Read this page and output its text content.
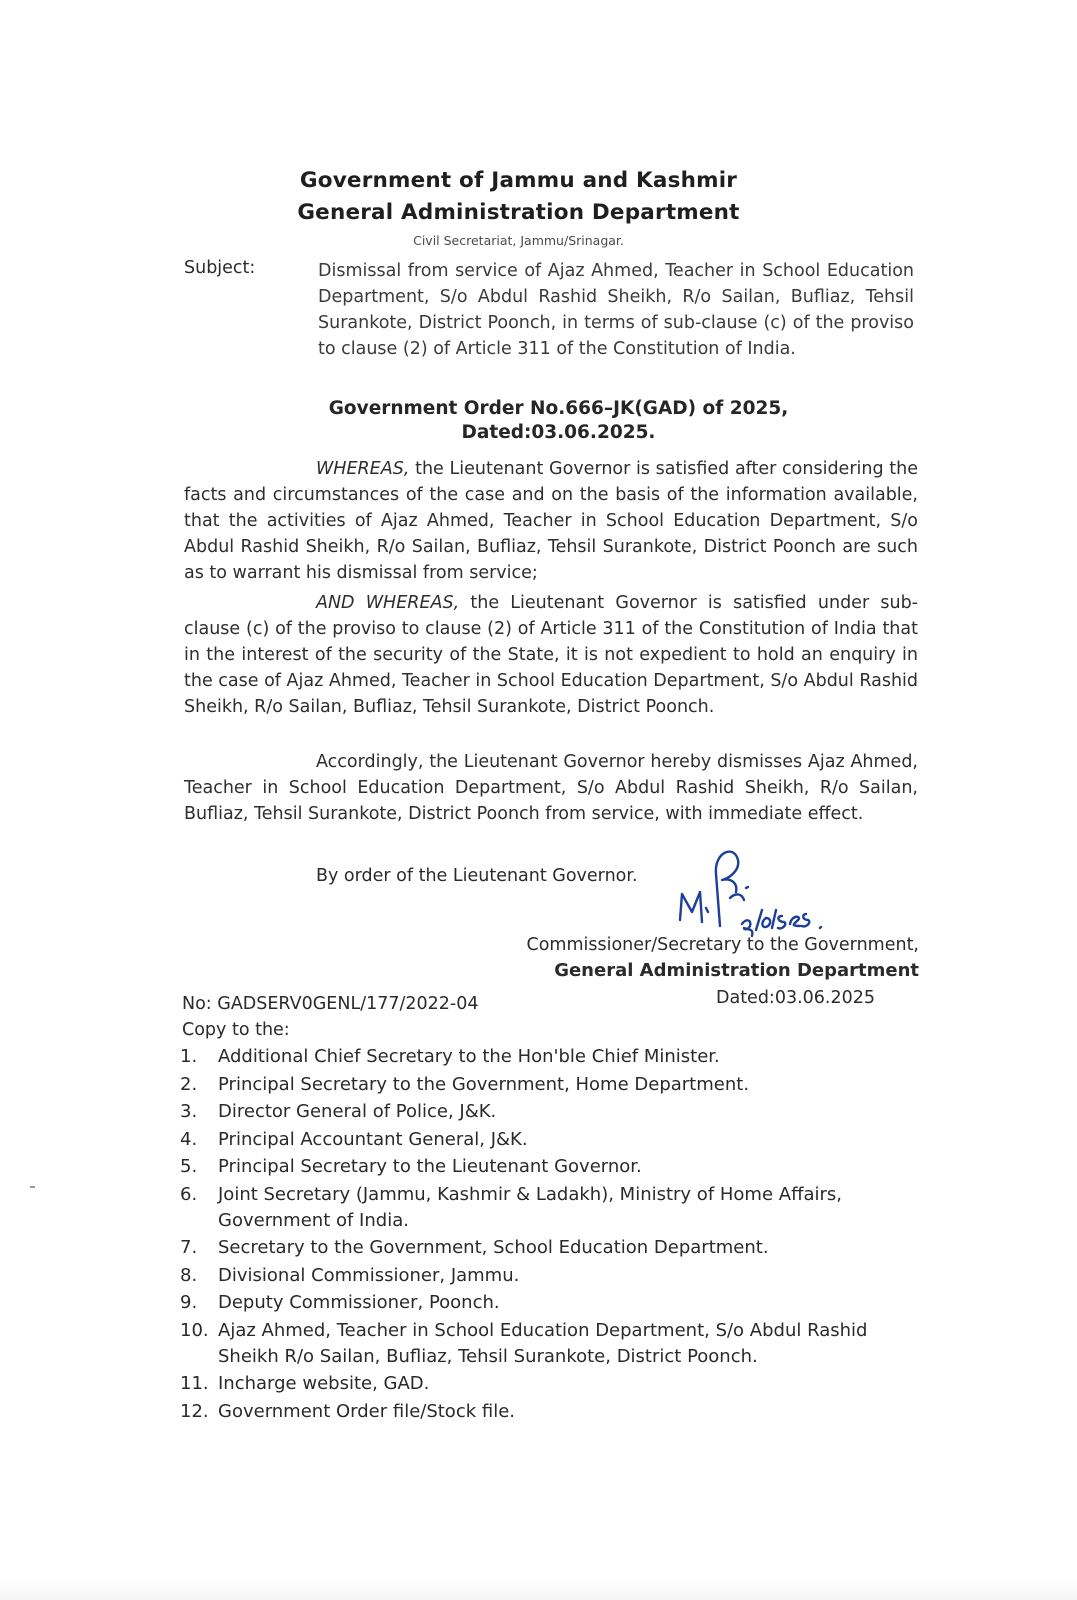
Government of Jammu and Kashmir
General Administration Department
Civil Secretariat, Jammu/Srinagar.
Subject:	Dismissal from service of Ajaz Ahmed, Teacher in School Education Department, S/o Abdul Rashid Sheikh, R/o Sailan, Bufliaz, Tehsil Surankote, District Poonch, in terms of sub-clause (c) of the proviso to clause (2) of Article 311 of the Constitution of India.
Government Order No.666–JK(GAD) of 2025,
Dated:03.06.2025.
WHEREAS, the Lieutenant Governor is satisfied after considering the facts and circumstances of the case and on the basis of the information available, that the activities of Ajaz Ahmed, Teacher in School Education Department, S/o Abdul Rashid Sheikh, R/o Sailan, Bufliaz, Tehsil Surankote, District Poonch are such as to warrant his dismissal from service;
AND WHEREAS, the Lieutenant Governor is satisfied under sub-clause (c) of the proviso to clause (2) of Article 311 of the Constitution of India that in the interest of the security of the State, it is not expedient to hold an enquiry in the case of Ajaz Ahmed, Teacher in School Education Department, S/o Abdul Rashid Sheikh, R/o Sailan, Bufliaz, Tehsil Surankote, District Poonch.
Accordingly, the Lieutenant Governor hereby dismisses Ajaz Ahmed, Teacher in School Education Department, S/o Abdul Rashid Sheikh, R/o Sailan, Bufliaz, Tehsil Surankote, District Poonch from service, with immediate effect.
By order of the Lieutenant Governor.
Commissioner/Secretary to the Government,
General Administration Department
No: GADSERV0GENL/177/2022-04	Dated:03.06.2025
Copy to the:
1.	Additional Chief Secretary to the Hon'ble Chief Minister.
2.	Principal Secretary to the Government, Home Department.
3.	Director General of Police, J&K.
4.	Principal Accountant General, J&K.
5.	Principal Secretary to the Lieutenant Governor.
6.	Joint Secretary (Jammu, Kashmir & Ladakh), Ministry of Home Affairs, Government of India.
7.	Secretary to the Government, School Education Department.
8.	Divisional Commissioner, Jammu.
9.	Deputy Commissioner, Poonch.
10. Ajaz Ahmed, Teacher in School Education Department, S/o Abdul Rashid Sheikh R/o Sailan, Bufliaz, Tehsil Surankote, District Poonch.
11. Incharge website, GAD.
12. Government Order file/Stock file.
